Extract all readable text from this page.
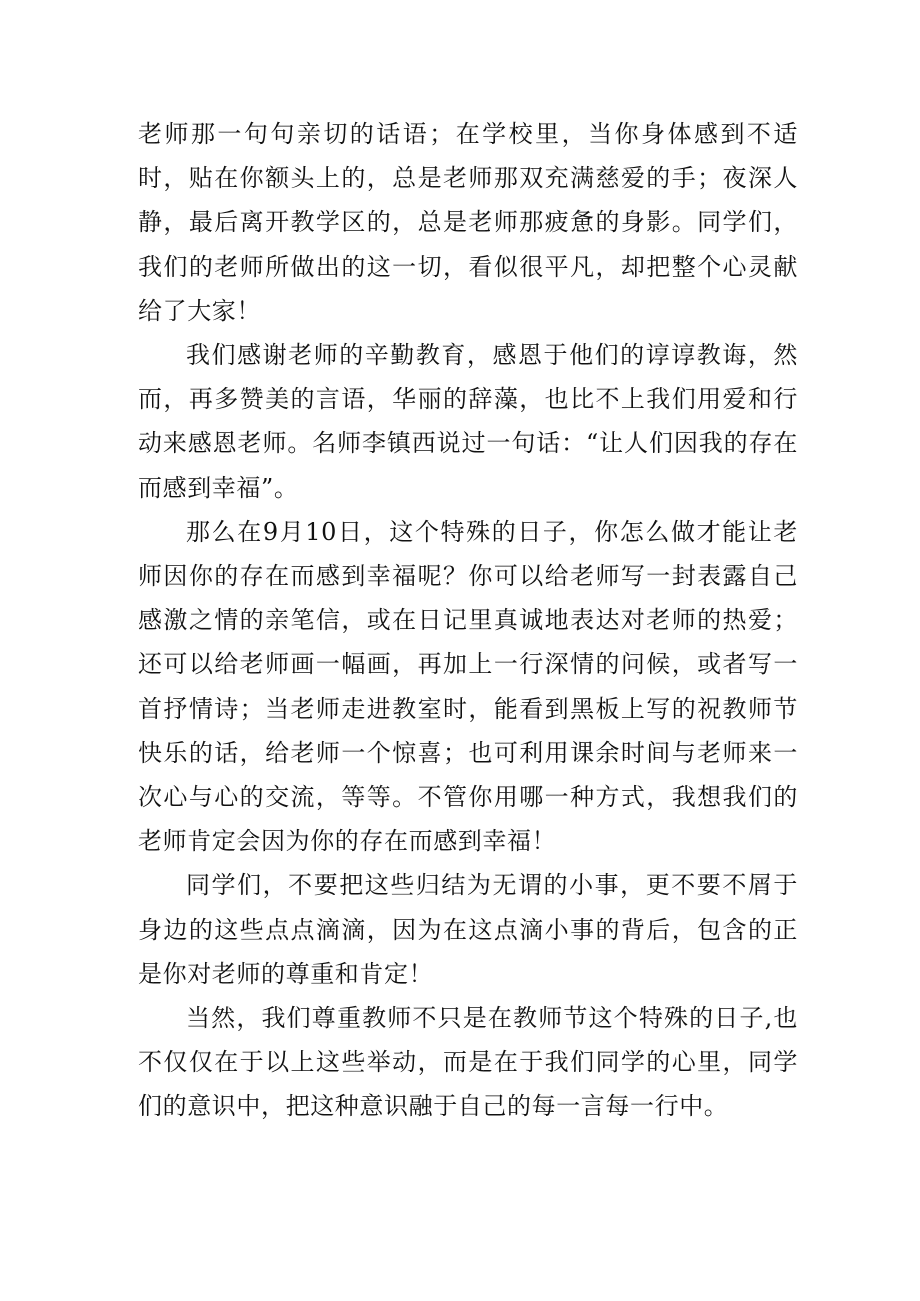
老师那一句句亲切的话语；在学校里，当你身体感到不适时，贴在你额头上的，总是老师那双充满慈爱的手；夜深人静，最后离开教学区的，总是老师那疲惫的身影。同学们，我们的老师所做出的这一切，看似很平凡，却把整个心灵献给了大家！

我们感谢老师的辛勤教育，感恩于他们的谆谆教诲，然而，再多赞美的言语，华丽的辞藻，也比不上我们用爱和行动来感恩老师。名师李镇西说过一句话：“让人们因我的存在而感到幸福”。

那么在9月10日，这个特殊的日子，你怎么做才能让老师因你的存在而感到幸福呢？你可以给老师写一封表露自己感激之情的亲笔信，或在日记里真诚地表达对老师的热爱；还可以给老师画一幅画，再加上一行深情的问候，或者写一首抒情诗；当老师走进教室时，能看到黑板上写的祝教师节快乐的话，给老师一个惊喜；也可利用课余时间与老师来一次心与心的交流，等等。不管你用哪一种方式，我想我们的老师肯定会因为你的存在而感到幸福！

同学们，不要把这些归结为无谓的小事，更不要不屑于身边的这些点点滴滴，因为在这点滴小事的背后，包含的正是你对老师的尊重和肯定！

当然，我们尊重教师不只是在教师节这个特殊的日子,也不仅仅在于以上这些举动，而是在于我们同学的心里，同学们的意识中，把这种意识融于自己的每一言每一行中。
